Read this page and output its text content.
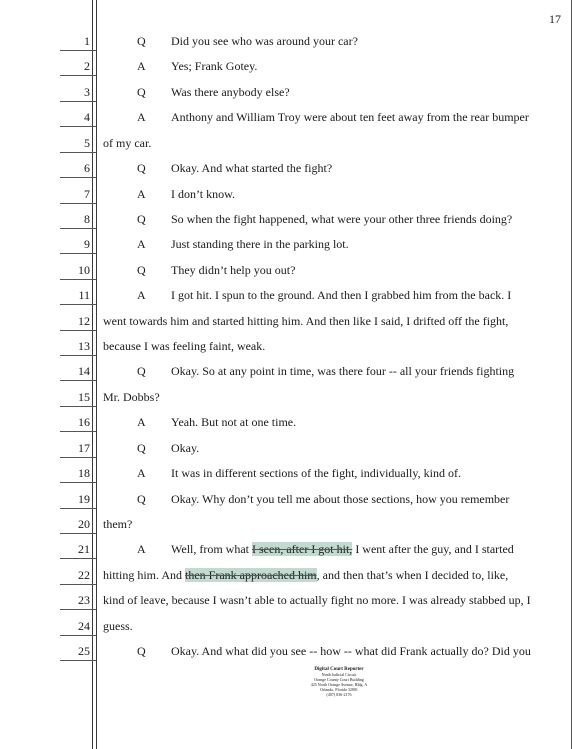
17
1	Q Did you see who was around your car?
2	A Yes; Frank Gotey.
3	Q Was there anybody else?
4	A Anthony and William Troy were about ten feet away from the rear bumper
5 of my car.
6	Q Okay. And what started the fight?
7	A I don’t know.
8	Q So when the fight happened, what were your other three friends doing?
9	A Just standing there in the parking lot.
10	Q They didn’t help you out?
11	A I got hit. I spun to the ground. And then I grabbed him from the back. I
12 went towards him and started hitting him. And then like I said, I drifted off the fight,
13 because I was feeling faint, weak.
14	Q Okay. So at any point in time, was there four -- all your friends fighting
15 Mr. Dobbs?
16	A Yeah. But not at one time.
17	Q Okay.
18	A It was in different sections of the fight, individually, kind of.
19	Q Okay. Why don’t you tell me about those sections, how you remember
20 them?
21	A Well, from what I seen, after I got hit, I went after the guy, and I started
22 hitting him. And then Frank approached him, and then that’s when I decided to, like,
23 kind of leave, because I wasn’t able to actually fight no more. I was already stabbed up, I
24 guess.
25	Q Okay. And what did you see -- how -- what did Frank actually do? Did you
Digital Court Reporter
Ninth Judicial Circuit
Orange County Court Building
425 North Orange Avenue, Bldg. A
Orlando, Florida 32801
(407) 836-2176
